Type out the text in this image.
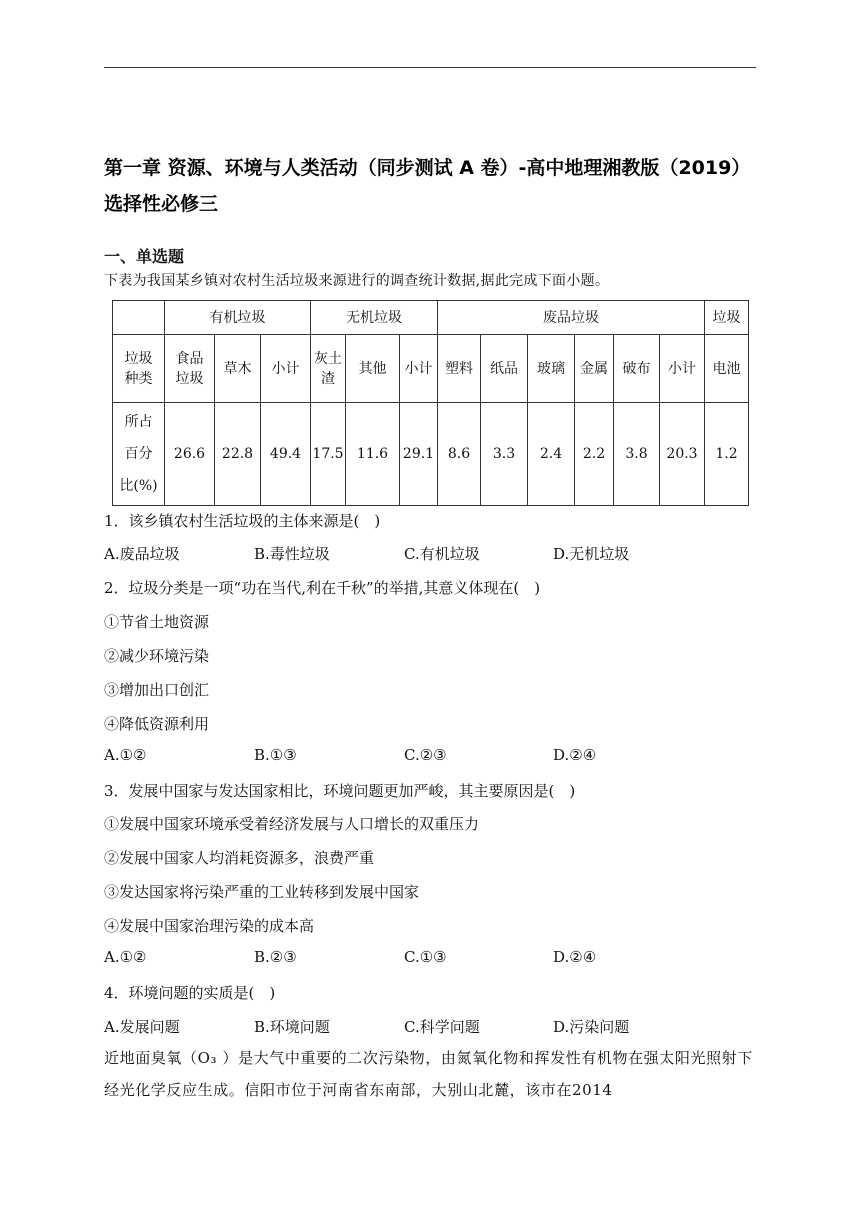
第一章 资源、环境与人类活动（同步测试 A 卷）-高中地理湘教版（2019）选择性必修三
一、单选题
下表为我国某乡镇对农村生活垃圾来源进行的调查统计数据,据此完成下面小题。
	有机垃圾			无机垃圾			废品垃圾						垃圾
垃圾种类	食品垃圾	草木	小计	灰土渣	其他	小计	塑料	纸品	玻璃	金属	破布	小计	电池
所占百分比(%)	26.6	22.8	49.4	17.5	11.6	29.1	8.6	3.3	2.4	2.2	3.8	20.3	1.2
1．该乡镇农村生活垃圾的主体来源是(　)
A.废品垃圾	B.毒性垃圾	C.有机垃圾	D.无机垃圾
2．垃圾分类是一项“功在当代,利在千秋”的举措,其意义体现在(　)
①节省土地资源
②减少环境污染
③增加出口创汇
④降低资源利用
A.①②	B.①③	C.②③	D.②④
3．发展中国家与发达国家相比，环境问题更加严峻，其主要原因是(　)
①发展中国家环境承受着经济发展与人口增长的双重压力
②发展中国家人均消耗资源多，浪费严重
③发达国家将污染严重的工业转移到发展中国家
④发展中国家治理污染的成本高
A.①②	B.②③	C.①③	D.②④
4．环境问题的实质是(　)
A.发展问题	B.环境问题	C.科学问题	D.污染问题
近地面臭氧（O₃ ）是大气中重要的二次污染物，由氮氧化物和挥发性有机物在强太阳光照射下经光化学反应生成。信阳市位于河南省东南部，大别山北麓，该市在2014
